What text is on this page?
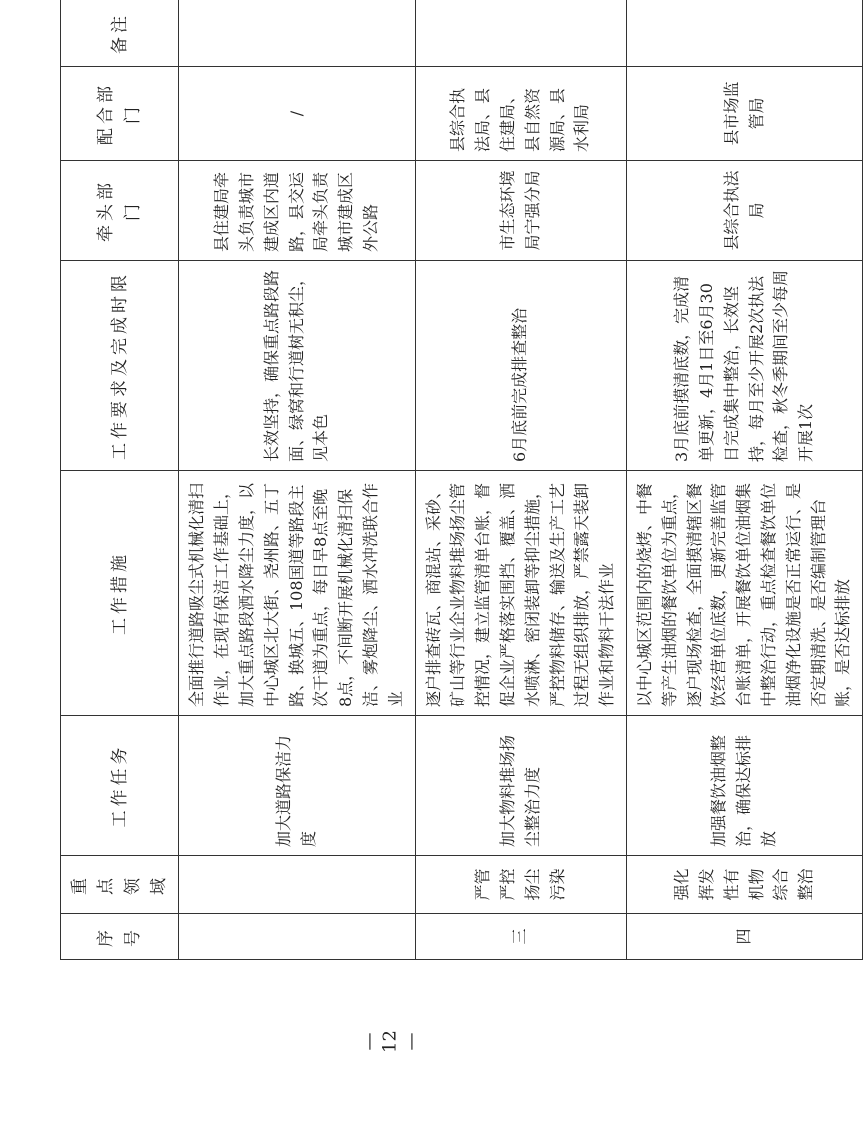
序号	重点领域	工作任务	工作措施	工作要求及完成时限	牵头部门	配合部门	备注
		加大道路保洁力度	全面推行道路吸尘式机械化清扫作业，在现有保洁工作基础上，加大重点路段洒水降尘力度，以中心城区北大街、尧州路、五丁路、换城五、108国道等路段主次干道为重点，每日早8点至晚8点，不间断开展机械化清扫保洁、雾炮降尘、洒水冲洗联合作业	长效坚持，确保重点路段路面、绿窝和行道树无积尘，见本色	县住建局牵头负责城市建成区内道路，县交运局牵头负责城市建成区外公路	/	
三	严管严控扬尘污染	加大物料堆场扬尘整治力度	逐户排查砖瓦、商混站、采砂、矿山等行业企业物料堆场扬尘管控情况，建立监管清单台账，督促企业严格落实围挡、覆盖、洒水喷淋、密闭装卸等抑尘措施，严控物料储存、输送及生产工艺过程无组织排放，严禁露天装卸作业和物料干法作业	6月底前完成排查整治	市生态环境局宁强分局	县综合执法局、县住建局、县自然资源局、县水利局	
四	强化挥发性有机物综合整治	加强餐饮油烟整治，确保达标排放	以中心城区范围内的烧烤、中餐等产生油烟的餐饮单位为重点，逐户现场检查，全面摸清辖区餐饮经营单位底数，更新完善监管台账清单，开展餐饮单位油烟集中整治行动，重点检查餐饮单位油烟净化设施是否正常运行、是否定期清洗、是否编制管理台账，是否达标排放	3月底前摸清底数，完成清单更新，4月1日至6月30日完成集中整治，长效坚持，每月至少开展2次执法检查，秋冬季期间至少每周开展1次	县综合执法局	县市场监管局	
—12—
